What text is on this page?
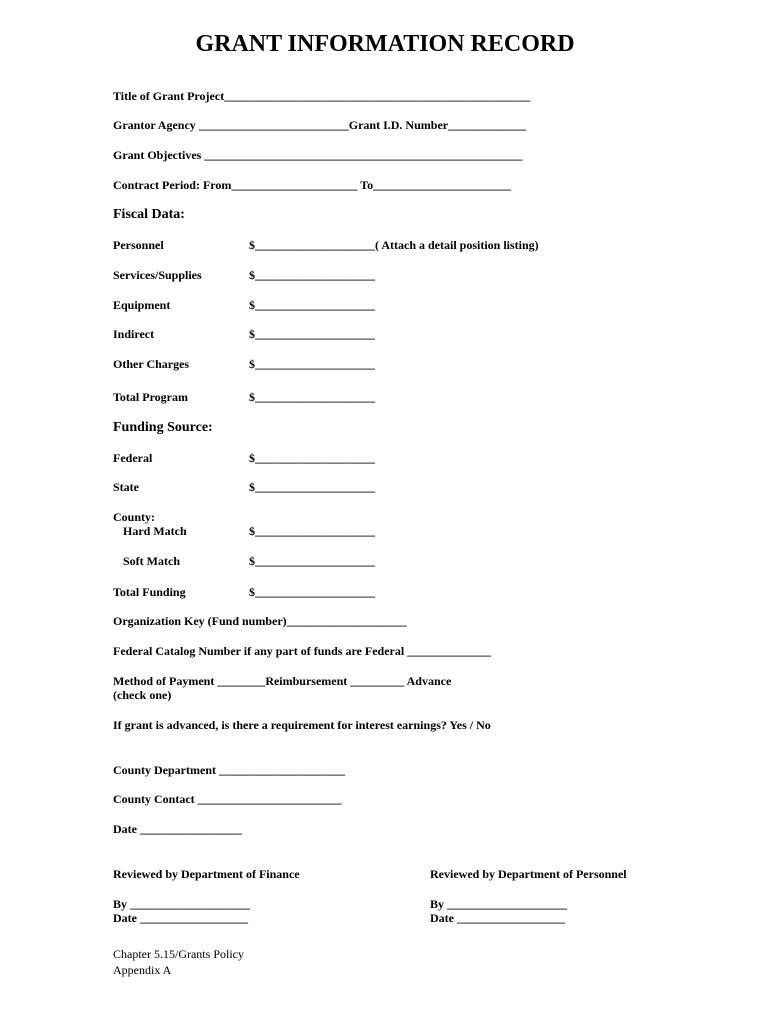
GRANT INFORMATION RECORD
Title of Grant Project___________________________________________________
Grantor Agency _________________________Grant I.D. Number_____________
Grant Objectives _____________________________________________________
Contract Period: From_____________________ To_______________________
Fiscal Data:
Personnel	$____________________( Attach a detail position listing)
Services/Supplies	$____________________
Equipment	$____________________
Indirect	$____________________
Other Charges	$____________________
Total Program	$____________________
Funding Source:
Federal	$____________________
State	$____________________
County:
Hard Match	$____________________
Soft Match	$____________________
Total Funding	$____________________
Organization Key (Fund number)____________________
Federal Catalog Number if any part of funds are Federal ______________
Method of Payment ________Reimbursement _________ Advance
(check one)
If grant is advanced, is there a requirement for interest earnings? Yes / No
County Department _____________________
County Contact ________________________
Date _________________
Reviewed by Department of Finance
By ____________________
Date __________________
Reviewed by Department of Personnel
By ____________________
Date __________________
Chapter 5.15/Grants Policy
Appendix A
